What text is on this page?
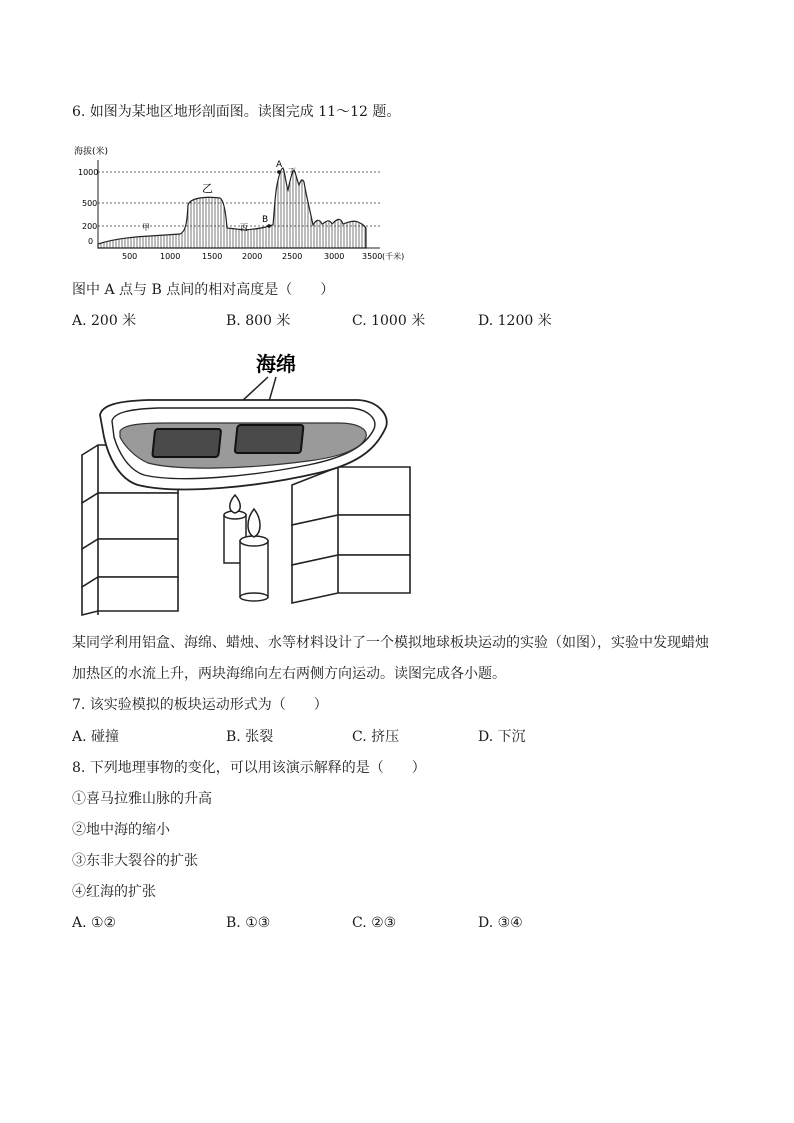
6. 如图为某地区地形剖面图。读图完成 11～12 题。
海拔(米)
1000
500
200
0
A
B
乙
甲	丙
丁
500	1000	1500 2000 2500	3000 3500 (千米)
图中 A 点与 B 点间的相对高度是（　　）
A. 200 米	B. 800 米	C. 1000 米	D. 1200 米
海绵
某同学利用铝盒、海绵、蜡烛、水等材料设计了一个模拟地球板块运动的实验（如图），实验中发现蜡烛
加热区的水流上升，两块海绵向左右两侧方向运动。读图完成各小题。
7. 该实验模拟的板块运动形式为（　　）
A. 碰撞	B. 张裂	C. 挤压	D. 下沉
8. 下列地理事物的变化，可以用该演示解释的是（　　）
①喜马拉雅山脉的升高
②地中海的缩小
③东非大裂谷的扩张
④红海的扩张
A. ①②	B. ①③	C. ②③	D. ③④
